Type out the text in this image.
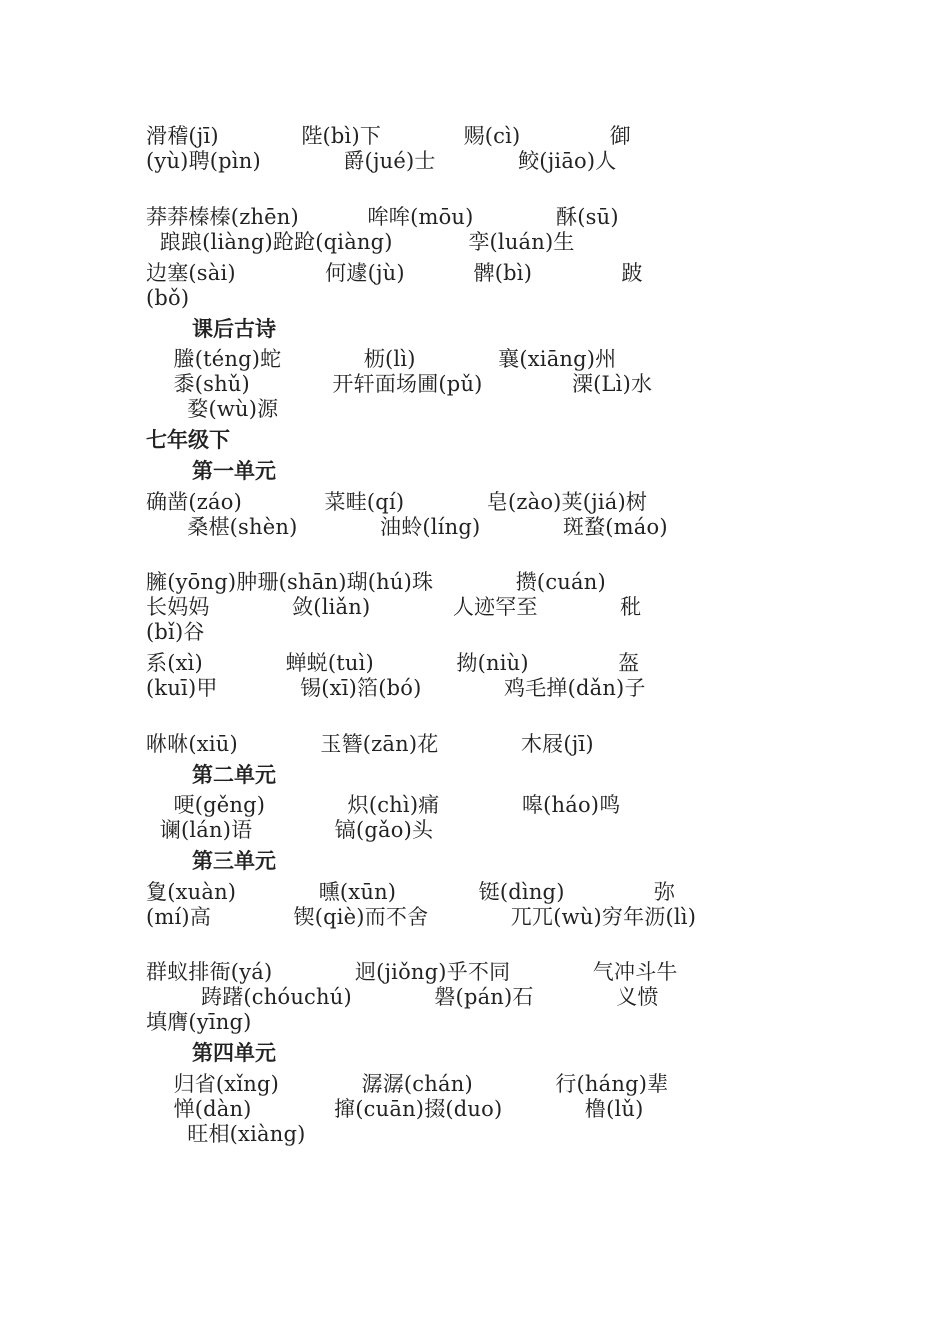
滑稽(jī)            陛(bì)下            赐(cì)             御
(yù)聘(pìn)            爵(jué)士            鲛(jiāo)人
莽莽榛榛(zhēn)          哞哞(mōu)            酥(sū)
踉踉(liàng)跄跄(qiàng)           孪(luán)生
边塞(sài)             何遽(jù)          髀(bì)             跛
(bǒ)
课后古诗
螣(téng)蛇            枥(lì)            襄(xiāng)州
黍(shǔ)            开轩面场圃(pǔ)             溧(Lì)水
婺(wù)源
七年级下
第一单元
确凿(záo)            菜畦(qí)            皂(zào)荚(jiá)树
桑椹(shèn)            油蛉(líng)            斑蝥(máo)
臃(yōng)肿珊(shān)瑚(hú)珠            攒(cuán)
长妈妈            敛(liǎn)            人迹罕至            秕
(bǐ)谷
系(xì)            蝉蜕(tuì)            拗(niù)             盔
(kuī)甲            锡(xī)箔(bó)            鸡毛掸(dǎn)子
咻咻(xiū)            玉簪(zān)花            木屐(jī)
第二单元
哽(gěng)            炽(chì)痛            嗥(háo)鸣
谰(lán)语            镐(gǎo)头
第三单元
夐(xuàn)            曛(xūn)            铤(dìng)             弥
(mí)高            锲(qiè)而不舍            兀兀(wù)穷年沥(lì)
群蚁排衙(yá)            迥(jiǒng)乎不同            气冲斗牛
踌躇(chóuchú)            磐(pán)石            义愤
填膺(yīng)
第四单元
归省(xǐng)            潺潺(chán)            行(háng)辈
惮(dàn)            撺(cuān)掇(duo)            橹(lǔ)
旺相(xiàng)
